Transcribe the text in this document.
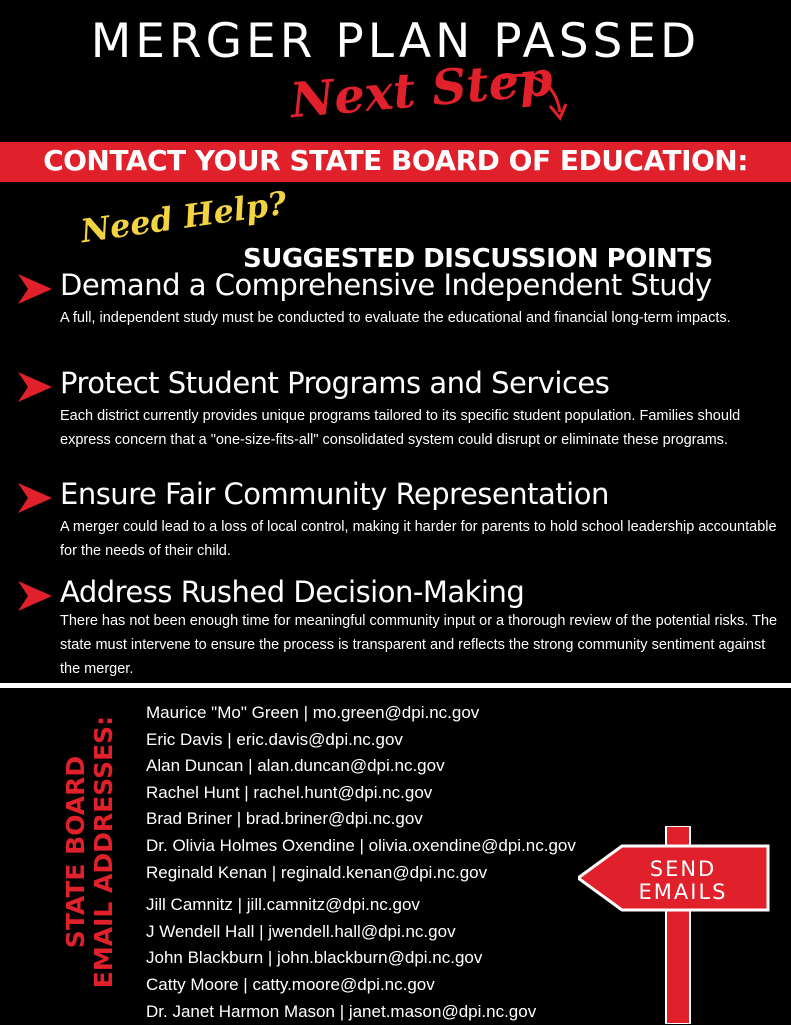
MERGER PLAN PASSED
Next Step
CONTACT YOUR STATE BOARD OF EDUCATION:
Need Help?
SUGGESTED DISCUSSION POINTS
Demand a Comprehensive Independent Study

A full, independent study must be conducted to evaluate the educational and financial long-term impacts.

Protect Student Programs and Services

Each district currently provides unique programs tailored to its specific student population. Families should express concern that a "one-size-fits-all" consolidated system could disrupt or eliminate these programs.

Ensure Fair Community Representation

A merger could lead to a loss of local control, making it harder for parents to hold school leadership accountable for the needs of their child.

Address Rushed Decision-Making

There has not been enough time for meaningful community input or a thorough review of the potential risks. The state must intervene to ensure the process is transparent and reflects the strong community sentiment against the merger.

STATE BOARD EMAIL ADDRESSES:
Maurice "Mo" Green | mo.green@dpi.nc.gov
Eric Davis | eric.davis@dpi.nc.gov
Alan Duncan | alan.duncan@dpi.nc.gov
Rachel Hunt | rachel.hunt@dpi.nc.gov
Brad Briner | brad.briner@dpi.nc.gov
Dr. Olivia Holmes Oxendine | olivia.oxendine@dpi.nc.gov
Reginald Kenan | reginald.kenan@dpi.nc.gov
Jill Camnitz | jill.camnitz@dpi.nc.gov
J Wendell Hall | jwendell.hall@dpi.nc.gov
John Blackburn | john.blackburn@dpi.nc.gov
Catty Moore | catty.moore@dpi.nc.gov
Dr. Janet Harmon Mason | janet.mason@dpi.nc.gov
SEND
EMAILS
